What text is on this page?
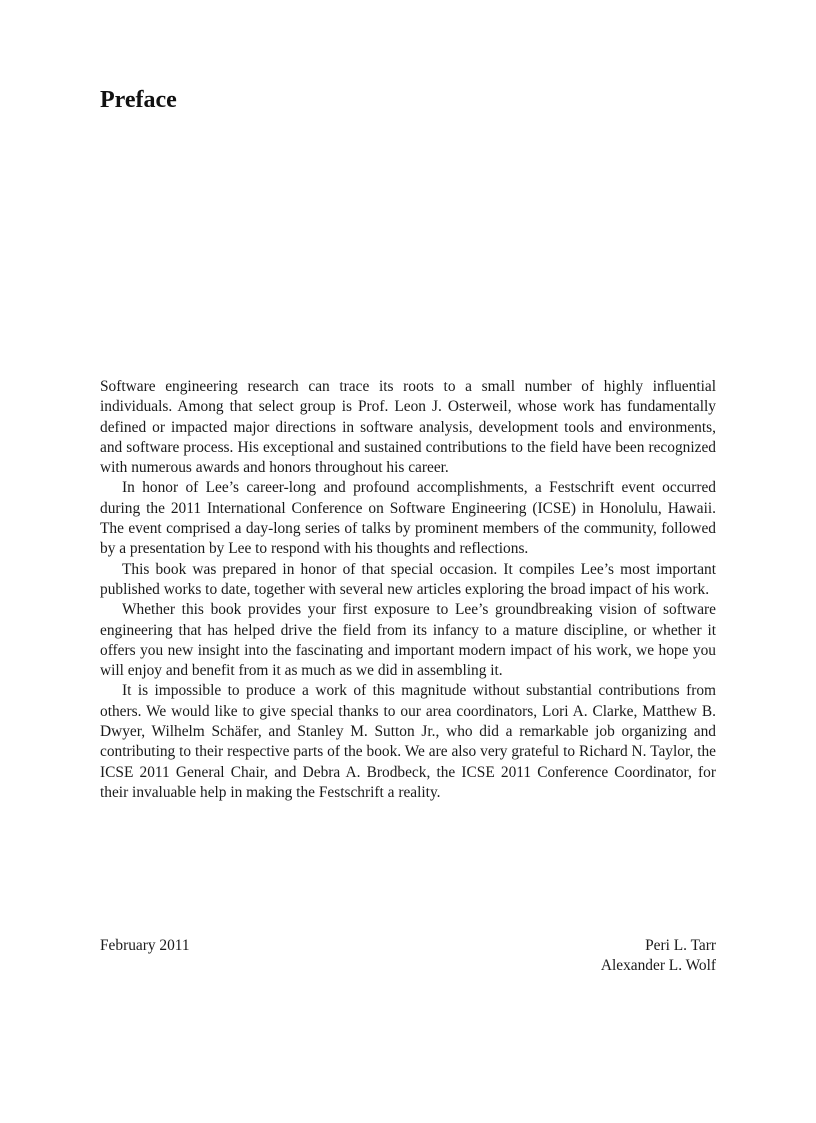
Preface

Software engineering research can trace its roots to a small number of highly influential individuals. Among that select group is Prof. Leon J. Osterweil, whose work has fundamentally defined or impacted major directions in software analysis, development tools and environments, and software process. His exceptional and sustained contributions to the field have been recognized with numerous awards and honors throughout his career.

In honor of Lee’s career-long and profound accomplishments, a Festschrift event occurred during the 2011 International Conference on Software Engineering (ICSE) in Honolulu, Hawaii. The event comprised a day-long series of talks by prominent members of the community, followed by a presentation by Lee to respond with his thoughts and reflections.

This book was prepared in honor of that special occasion. It compiles Lee’s most important published works to date, together with several new articles exploring the broad impact of his work.

Whether this book provides your first exposure to Lee’s groundbreaking vision of software engineering that has helped drive the field from its infancy to a mature discipline, or whether it offers you new insight into the fascinating and important modern impact of his work, we hope you will enjoy and benefit from it as much as we did in assembling it.

It is impossible to produce a work of this magnitude without substantial contributions from others. We would like to give special thanks to our area coordinators, Lori A. Clarke, Matthew B. Dwyer, Wilhelm Schäfer, and Stanley M. Sutton Jr., who did a remarkable job organizing and contributing to their respective parts of the book. We are also very grateful to Richard N. Taylor, the ICSE 2011 General Chair, and Debra A. Brodbeck, the ICSE 2011 Conference Coordinator, for their invaluable help in making the Festschrift a reality.

February 2011	Peri L. Tarr
Alexander L. Wolf
